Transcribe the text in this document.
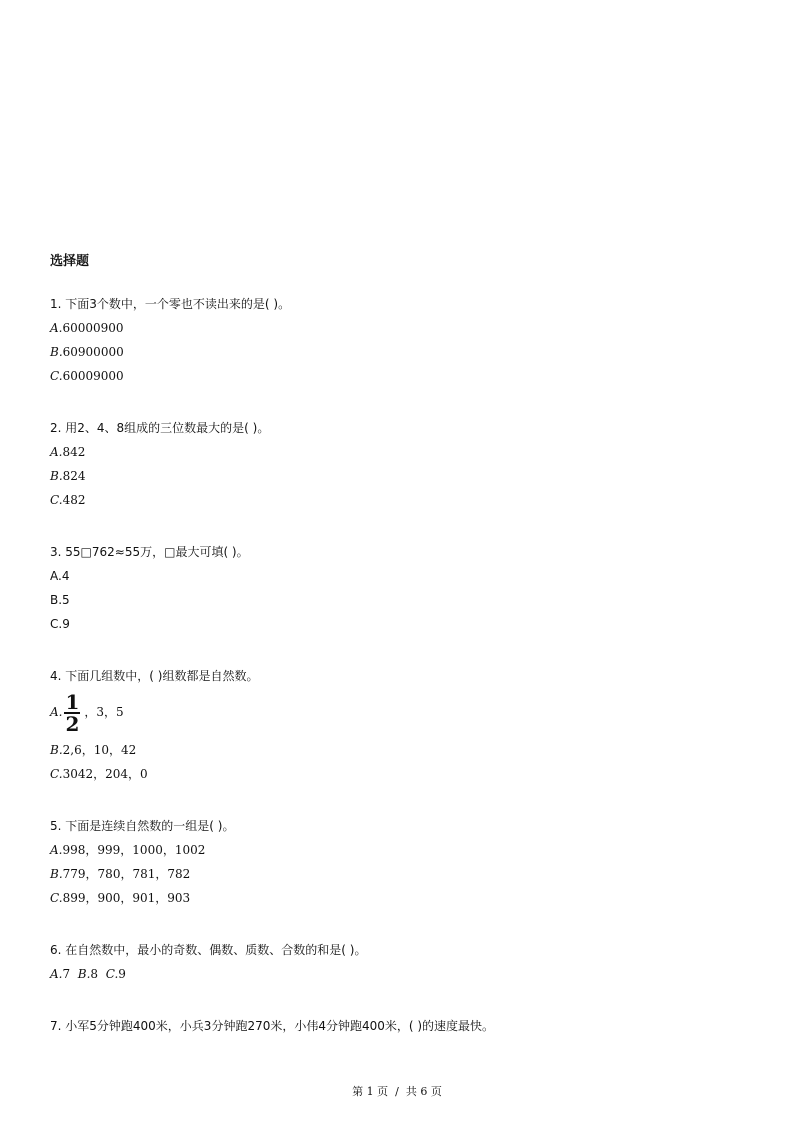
选择题
1. 下面3个数中，一个零也不读出来的是( )。
A.60000900
B.60900000
C.60009000
2. 用2、4、8组成的三位数最大的是( )。
A.842
B.824
C.482
3. 55□762≈55万，□最大可填( )。
A.4
B.5
C.9
4. 下面几组数中，( )组数都是自然数。
A. $\frac{1}{2}$ ，3，5
B.2,6，10，42
C.3042，204，0
5. 下面是连续自然数的一组是( )。
A.998，999，1000，1002
B.779，780，781，782
C.899，900，901，903
6. 在自然数中，最小的奇数、偶数、质数、合数的和是( )。
A.7 B.8 C.9
7. 小军5分钟跑400米，小兵3分钟跑270米，小伟4分钟跑400米，( )的速度最快。
第 1 页  /  共 6 页
